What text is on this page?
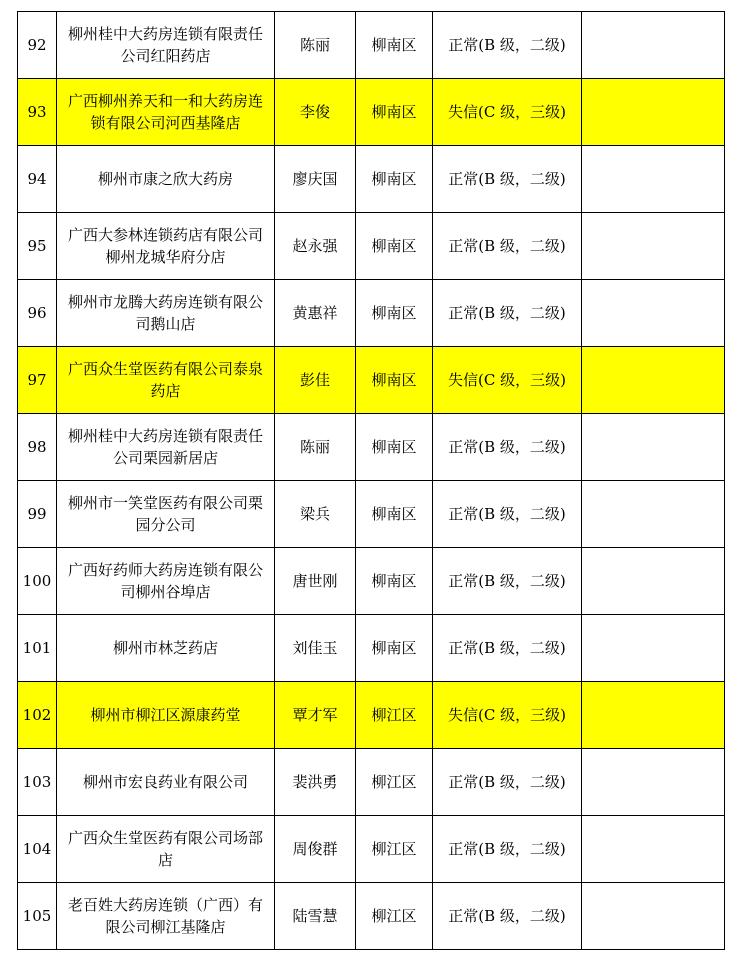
92	柳州桂中大药房连锁有限责任公司红阳药店	陈丽	柳南区	正常(B 级，二级)	
93	广西柳州养天和一和大药房连锁有限公司河西基隆店	李俊	柳南区	失信(C 级，三级)	
94	柳州市康之欣大药房	廖庆国	柳南区	正常(B 级，二级)	
95	广西大参林连锁药店有限公司柳州龙城华府分店	赵永强	柳南区	正常(B 级，二级)	
96	柳州市龙腾大药房连锁有限公司鹅山店	黄惠祥	柳南区	正常(B 级，二级)	
97	广西众生堂医药有限公司泰泉药店	彭佳	柳南区	失信(C 级，三级)	
98	柳州桂中大药房连锁有限责任公司栗园新居店	陈丽	柳南区	正常(B 级，二级)	
99	柳州市一笑堂医药有限公司栗园分公司	梁兵	柳南区	正常(B 级，二级)	
100	广西好药师大药房连锁有限公司柳州谷埠店	唐世刚	柳南区	正常(B 级，二级)	
101	柳州市林芝药店	刘佳玉	柳南区	正常(B 级，二级)	
102	柳州市柳江区源康药堂	覃才军	柳江区	失信(C 级，三级)	
103	柳州市宏良药业有限公司	裴洪勇	柳江区	正常(B 级，二级)	
104	广西众生堂医药有限公司场部店	周俊群	柳江区	正常(B 级，二级)	
105	老百姓大药房连锁（广西）有限公司柳江基隆店	陆雪慧	柳江区	正常(B 级，二级)	
